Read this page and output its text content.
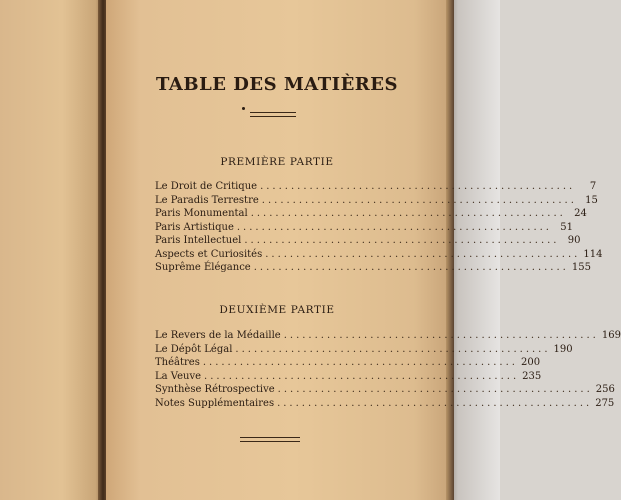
TABLE DES MATIÈRES
PREMIÈRE PARTIE
Le Droit de Critique ...................................................	7
Le Paradis Terrestre ................................................... 15
Paris Monumental ................................................... 24
Paris Artistique ................................................... 51
Paris Intellectuel ................................................... 90
Aspects et Curiosités ................................................... 114
Suprême Élégance ................................................... 155
DEUXIÈME PARTIE
Le Revers de la Médaille ................................................... 169
Le Dépôt Légal ................................................... 190
Théâtres ................................................... 200
La Veuve ................................................... 235
Synthèse Rétrospective ................................................... 256
Notes Supplémentaires ................................................... 275
